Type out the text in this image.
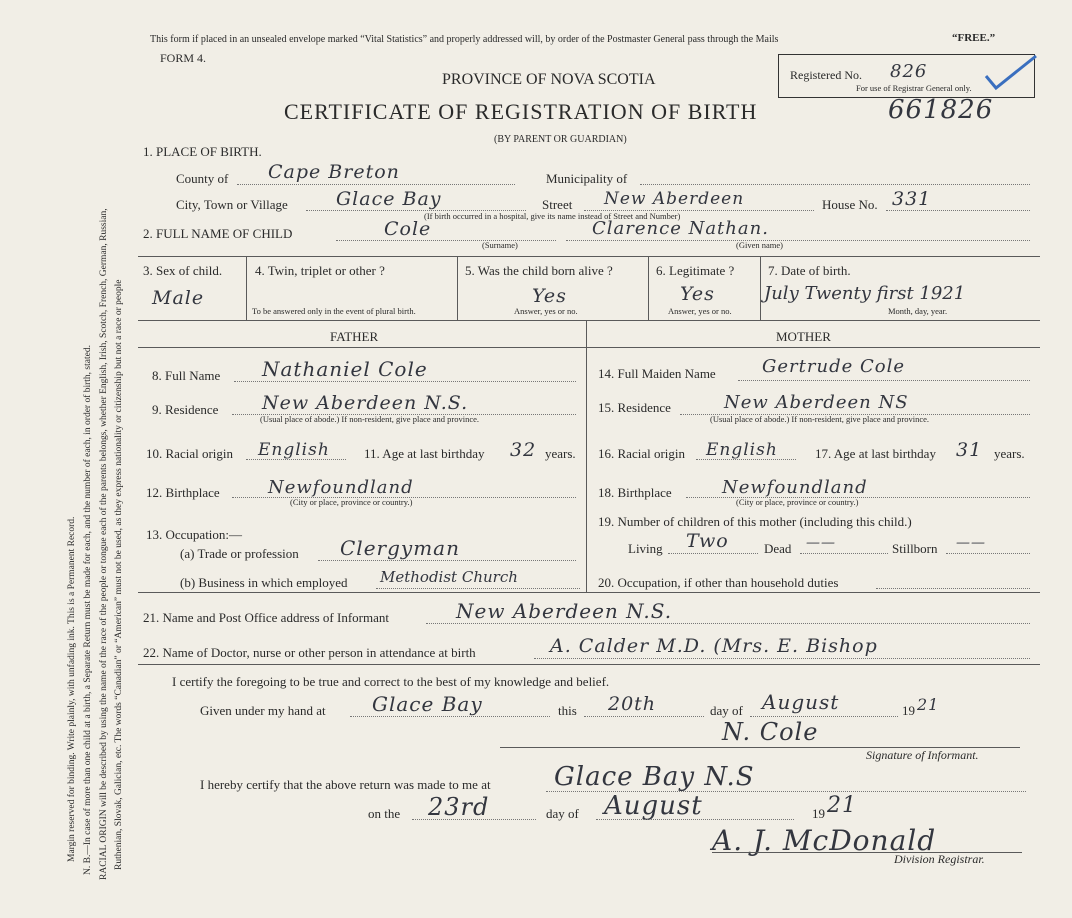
Margin reserved for binding. Write plainly, with unfading ink. This is a Permanent Record. N. B.—In case of more than one child at a birth, a Separate Return must be made for each, and the number of each, in order of birth, stated. RACIAL ORIGIN will be described by using the name of the race of the people or tongue each of the parents belongs, whether English, Irish, Scotch, French, German, Russian, Ruthenian, Slovak, Galician, etc. The words “Canadian” or “American” must not be used, as they express nationality or citizenship but not a race or people
This form if placed in an unsealed envelope marked “Vital Statistics” and properly addressed will, by order of the Postmaster General pass through the Mails	“FREE.”
FORM 4.
PROVINCE OF NOVA SCOTIA
CERTIFICATE OF REGISTRATION OF BIRTH	661826
(BY PARENT OR GUARDIAN)
Registered No. 826
For use of Registrar General only.
1. PLACE OF BIRTH.
County of Cape Breton	Municipality of
City, Town or Village	Glace Bay	Street New Aberdeen	House No. 331
(If birth occurred in a hospital, give its name instead of Street and Number)
2. FULL NAME OF CHILD	Cole
(Surname)
Clarence Nathan.
(Given name)
3. Sex of child.
Male
4. Twin, triplet or other ?
To be answered only in the event of plural birth.
5. Was the child born alive ?
Yes
Answer, yes or no.
6. Legitimate ?
Yes
Answer, yes or no.
7. Date of birth.
July Twenty first 1921
Month, day, year.
FATHER	MOTHER
8. Full Name Nathaniel Cole
9. Residence New Aberdeen N.S.
(Usual place of abode.) If non-resident, give place and province.
10. Racial origin English	11. Age at last birthday 32 years.
12. Birthplace	Newfoundland
(City or place, province or country.)
13. Occupation:—
(a) Trade or profession Clergyman
(b) Business in which employed Methodist Church
14. Full Maiden Name	Gertrude Cole
15. Residence	New Aberdeen NS
(Usual place of abode.) If non-resident, give place and province.
16. Racial origin English	17. Age at last birthday 31 years.
18. Birthplace	Newfoundland
(City or place, province or country.)
19. Number of children of this mother (including this child.)
Living Two	Dead ——	Stillborn ——
20. Occupation, if other than household duties
21. Name and Post Office address of Informant	New Aberdeen N.S.
22. Name of Doctor, nurse or other person in attendance at birth	A. Calder M.D. (Mrs. E. Bishop
I certify the foregoing to be true and correct to the best of my knowledge and belief.
Given under my hand at Glace Bay	this 20th	day of August	19 21
N. Cole
Signature of Informant.
I hereby certify that the above return was made to me at Glace Bay N.S
on the 23rd	day of August	19 21
A. J. McDonald
Division Registrar.
